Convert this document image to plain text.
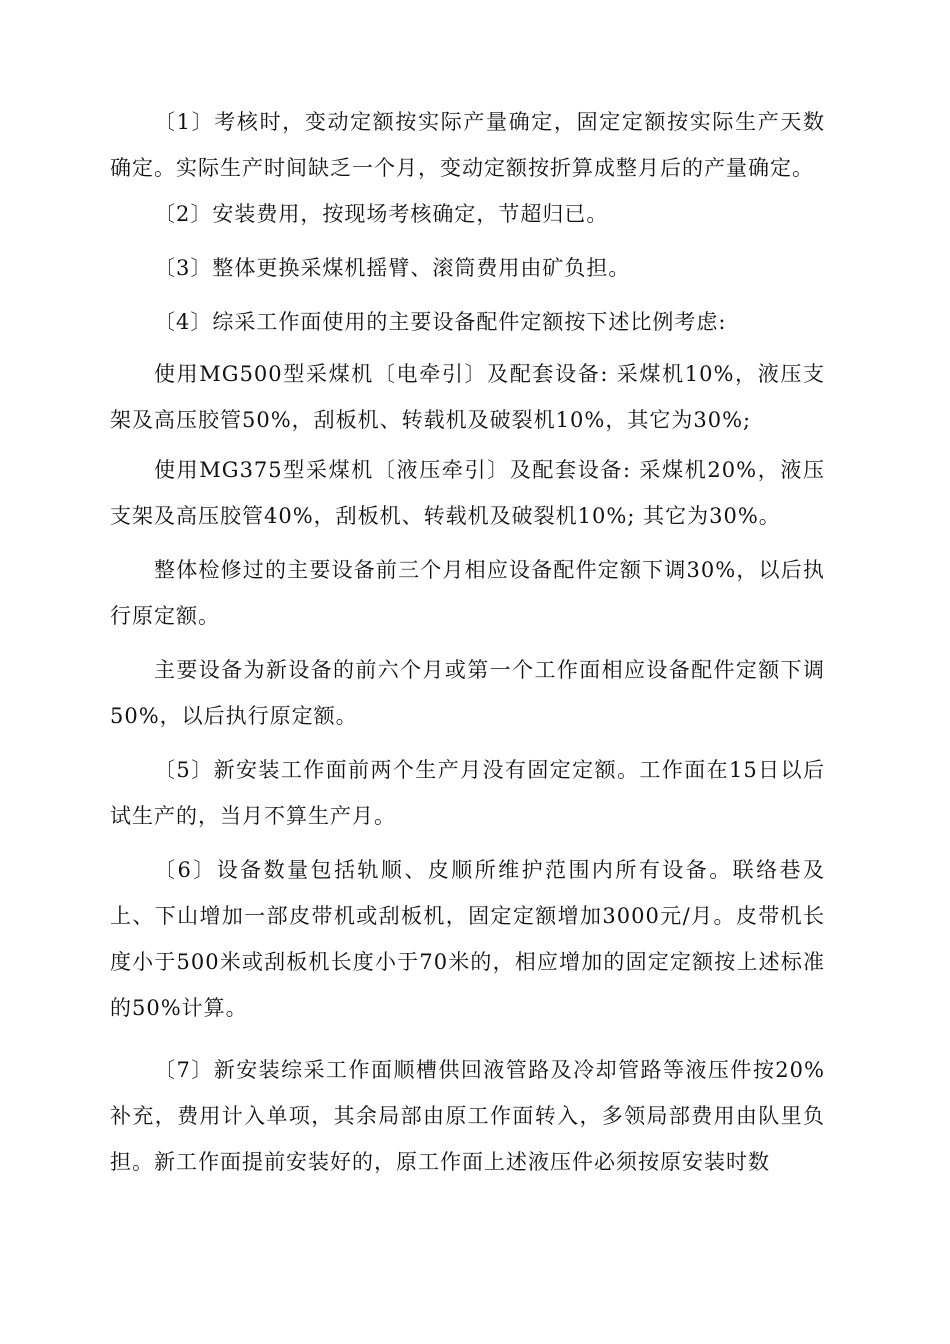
〔1〕考核时，变动定额按实际产量确定，固定定额按实际生产天数确定。实际生产时间缺乏一个月，变动定额按折算成整月后的产量确定。

〔2〕安装费用，按现场考核确定，节超归已。

〔3〕整体更换采煤机摇臂、滚筒费用由矿负担。

〔4〕综采工作面使用的主要设备配件定额按下述比例考虑:

使用MG500型采煤机〔电牵引〕及配套设备: 采煤机10%，液压支架及高压胶管50%，刮板机、转载机及破裂机10%，其它为30%;

使用MG375型采煤机〔液压牵引〕及配套设备: 采煤机20%，液压支架及高压胶管40%，刮板机、转载机及破裂机10%; 其它为30%。

整体检修过的主要设备前三个月相应设备配件定额下调30%，以后执行原定额。

主要设备为新设备的前六个月或第一个工作面相应设备配件定额下调50%，以后执行原定额。

〔5〕新安装工作面前两个生产月没有固定定额。工作面在15日以后试生产的，当月不算生产月。

〔6〕设备数量包括轨顺、皮顺所维护范围内所有设备。联络巷及上、下山增加一部皮带机或刮板机，固定定额增加3000元/月。皮带机长度小于500米或刮板机长度小于70米的，相应增加的固定定额按上述标准的50%计算。

〔7〕新安装综采工作面顺槽供回液管路及冷却管路等液压件按20%补充，费用计入单项，其余局部由原工作面转入，多领局部费用由队里负担。新工作面提前安装好的，原工作面上述液压件必须按原安装时数
